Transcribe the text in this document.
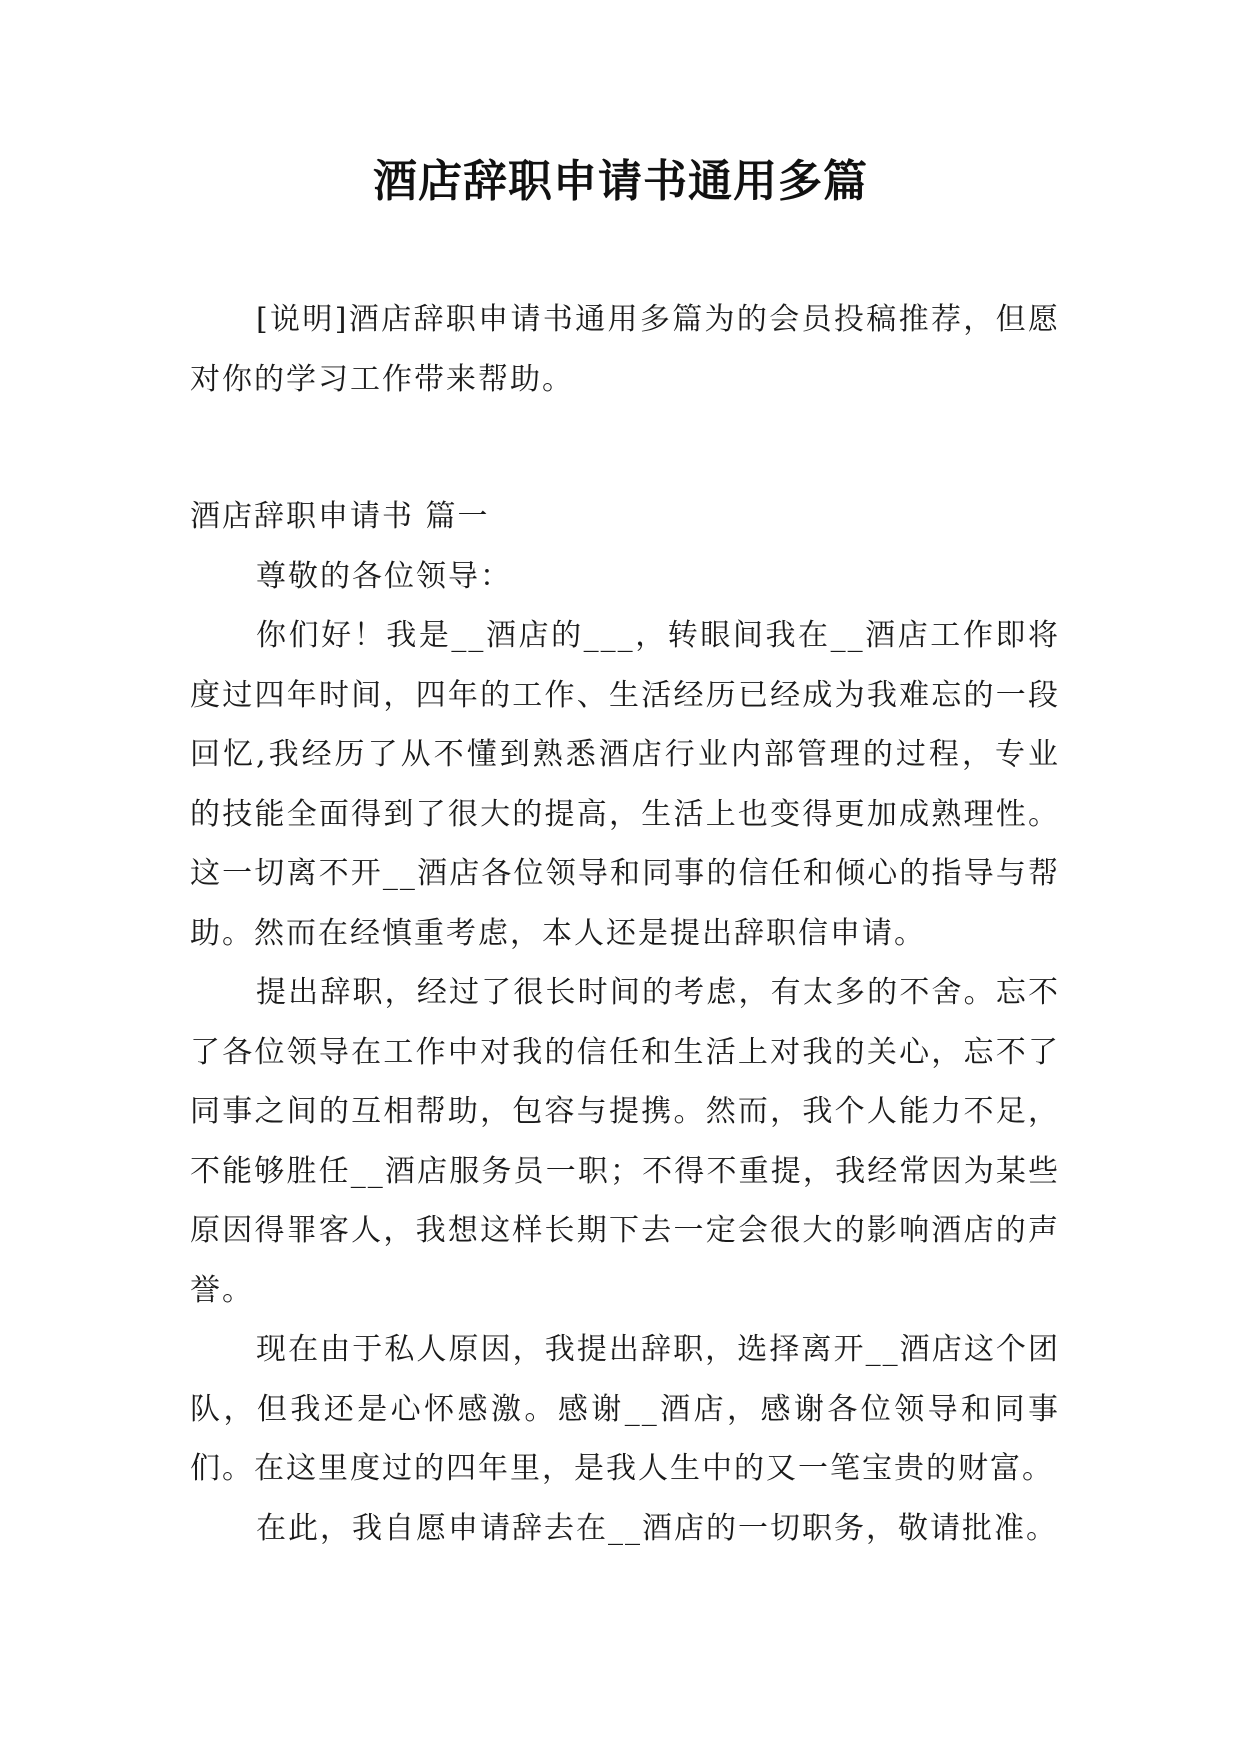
酒店辞职申请书通用多篇

[说明]酒店辞职申请书通用多篇为的会员投稿推荐，但愿对你的学习工作带来帮助。

酒店辞职申请书 篇一

尊敬的各位领导：

你们好！我是__酒店的___，转眼间我在__酒店工作即将度过四年时间，四年的工作、生活经历已经成为我难忘的一段回忆,我经历了从不懂到熟悉酒店行业内部管理的过程，专业的技能全面得到了很大的提高，生活上也变得更加成熟理性。这一切离不开__酒店各位领导和同事的信任和倾心的指导与帮助。然而在经慎重考虑，本人还是提出辞职信申请。

提出辞职，经过了很长时间的考虑，有太多的不舍。忘不了各位领导在工作中对我的信任和生活上对我的关心，忘不了同事之间的互相帮助，包容与提携。然而，我个人能力不足，不能够胜任__酒店服务员一职；不得不重提，我经常因为某些原因得罪客人，我想这样长期下去一定会很大的影响酒店的声誉。

现在由于私人原因，我提出辞职，选择离开__酒店这个团队，但我还是心怀感激。感谢__酒店，感谢各位领导和同事们。在这里度过的四年里，是我人生中的又一笔宝贵的财富。

在此，我自愿申请辞去在__酒店的一切职务，敬请批准。
